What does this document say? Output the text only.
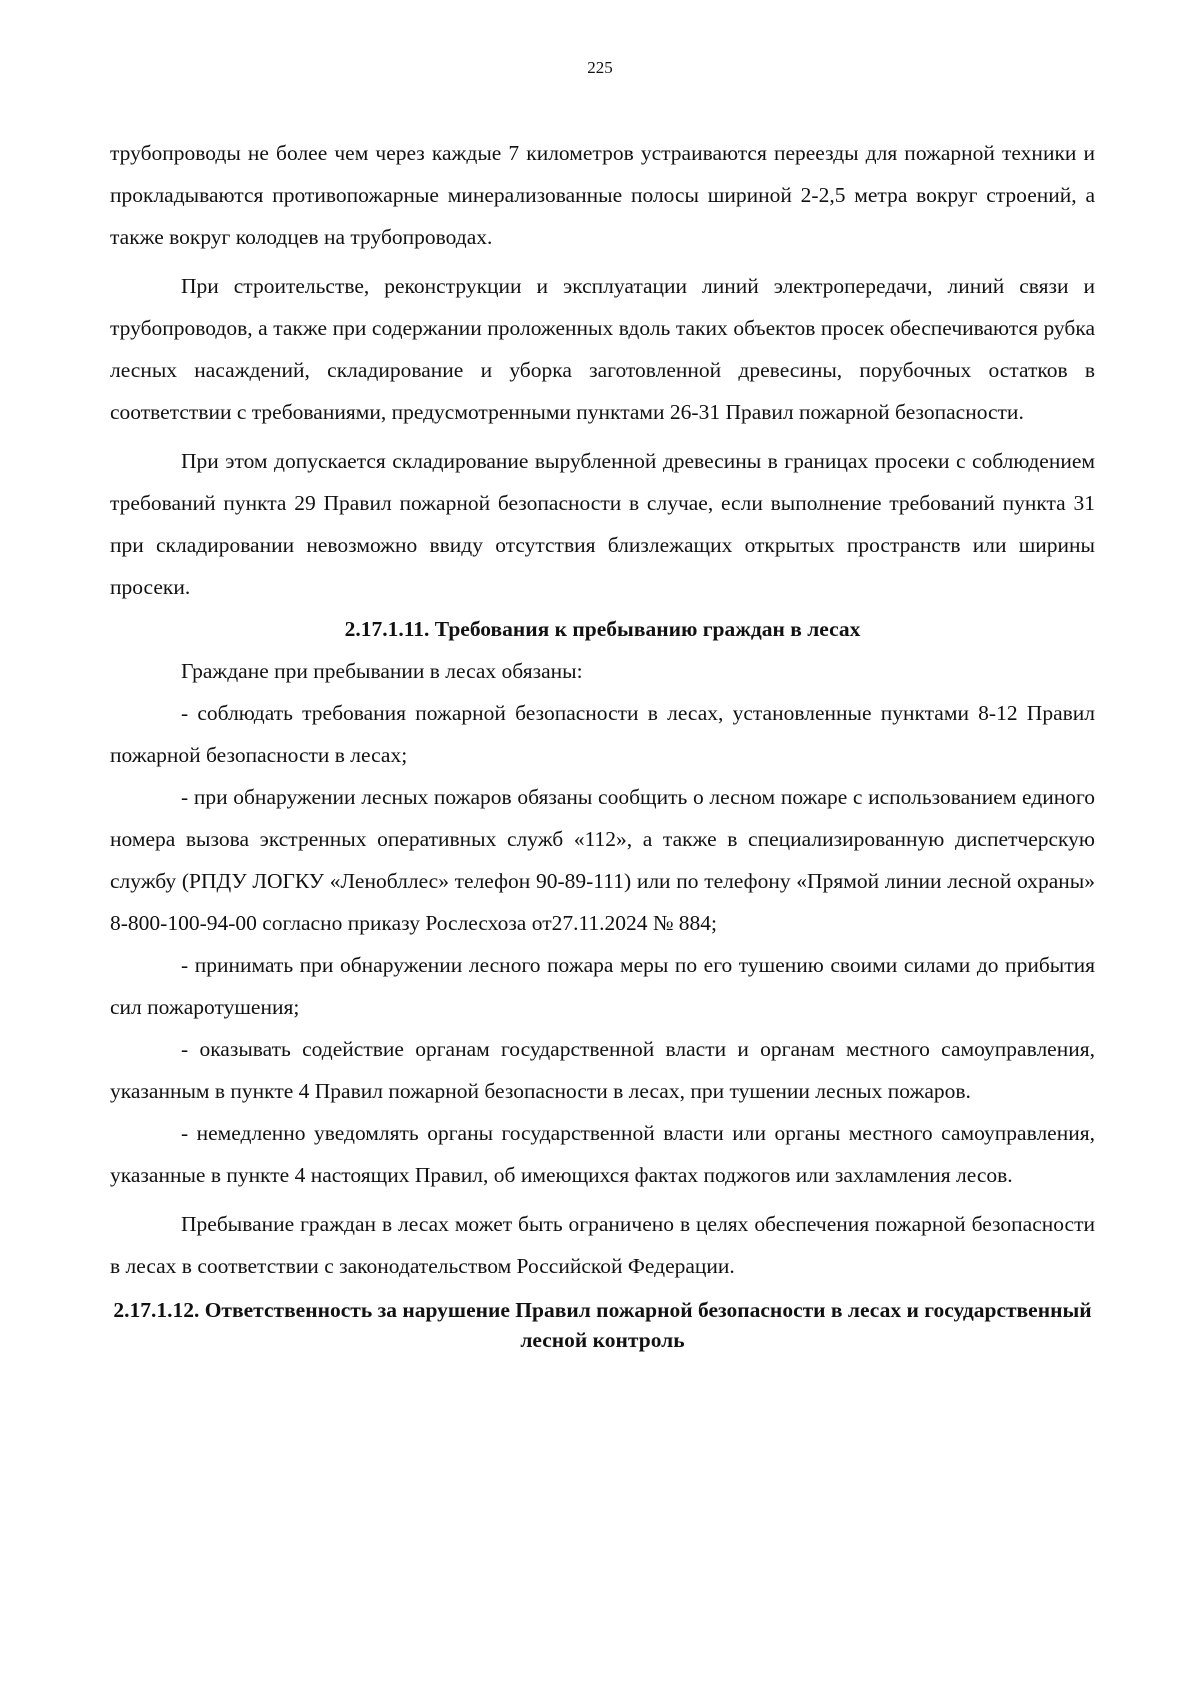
225

трубопроводы не более чем через каждые 7 километров устраиваются переезды для пожарной техники и прокладываются противопожарные минерализованные полосы шириной 2-2,5 метра вокруг строений, а также вокруг колодцев на трубопроводах.

При строительстве, реконструкции и эксплуатации линий электропередачи, линий связи и трубопроводов, а также при содержании проложенных вдоль таких объектов просек обеспечиваются рубка лесных насаждений, складирование и уборка заготовленной древесины, порубочных остатков в соответствии с требованиями, предусмотренными пунктами 26-31 Правил пожарной безопасности.

При этом допускается складирование вырубленной древесины в границах просеки с соблюдением требований пункта 29 Правил пожарной безопасности в случае, если выполнение требований пункта 31 при складировании невозможно ввиду отсутствия близлежащих открытых пространств или ширины просеки.

2.17.1.11. Требования к пребыванию граждан в лесах

Граждане при пребывании в лесах обязаны:

- соблюдать требования пожарной безопасности в лесах, установленные пунктами 8-12 Правил пожарной безопасности в лесах;

- при обнаружении лесных пожаров обязаны сообщить о лесном пожаре с использованием единого номера вызова экстренных оперативных служб «112», а также в специализированную диспетчерскую службу (РПДУ ЛОГКУ «Ленобллес» телефон 90-89-111) или по телефону «Прямой линии лесной охраны» 8-800-100-94-00 согласно приказу Рослесхоза от27.11.2024 № 884;

- принимать при обнаружении лесного пожара меры по его тушению своими силами до прибытия сил пожаротушения;

- оказывать содействие органам государственной власти и органам местного самоуправления, указанным в пункте 4 Правил пожарной безопасности в лесах, при тушении лесных пожаров.

- немедленно уведомлять органы государственной власти или органы местного самоуправления, указанные в пункте 4 настоящих Правил, об имеющихся фактах поджогов или захламления лесов.

Пребывание граждан в лесах может быть ограничено в целях обеспечения пожарной безопасности в лесах в соответствии с законодательством Российской Федерации.

2.17.1.12. Ответственность за нарушение Правил пожарной безопасности в лесах и государственный лесной контроль
